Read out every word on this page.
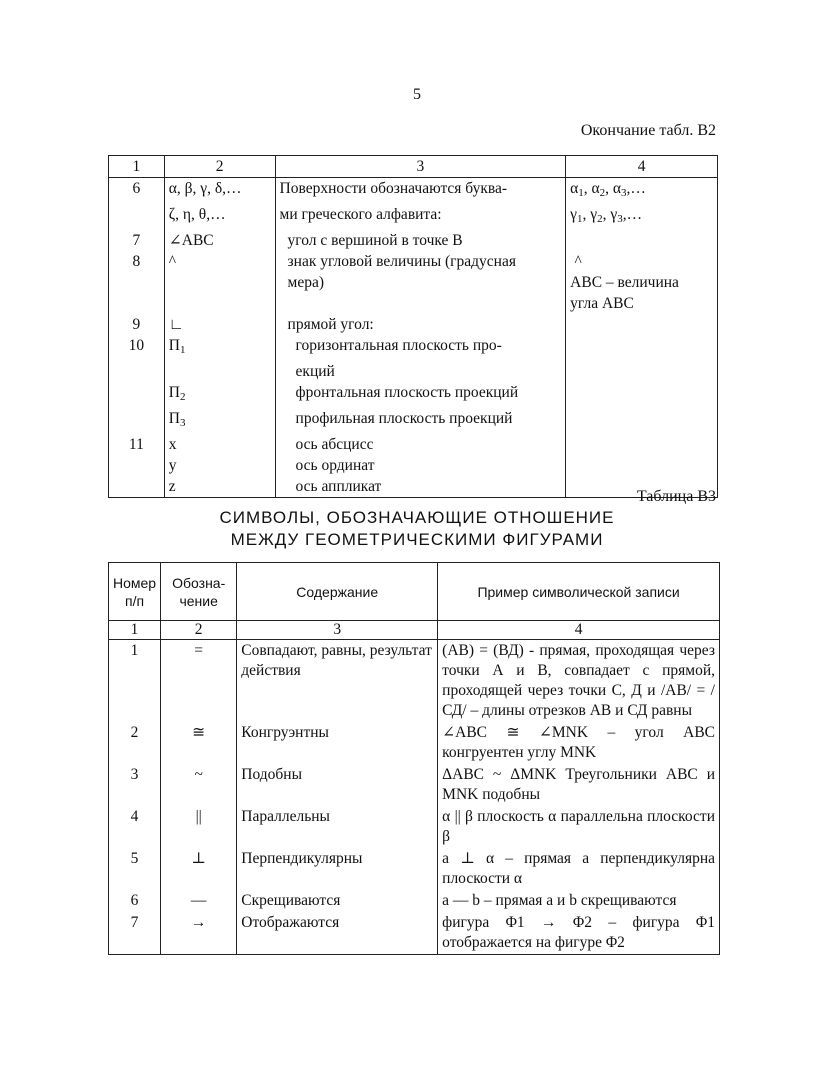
5
Окончание табл. В2
1	2	3	4
6	α, β, γ, δ,…	Поверхности обозначаются буква-	$\alpha_1$, $\alpha_2$, $\alpha_3,\dots$
	ζ, η, θ,…	ми греческого алфавита:	$\gamma_1$, $\gamma_2$, $\gamma_3,\dots$
7	∠ABC	угол с вершиной в точке В	
8	^	знак угловой величины (градусная	^
		мера)	АВС – величина
			угла АВС
9	∟	прямой угол:	
10	$П_1$	горизонтальная плоскость про-	
		екций	
	$П_2$	фронтальная плоскость проекций	
	$П_3$	профильная плоскость проекций	
11	x	ось абсцисс	
	y	ось ординат	
	z	ось аппликат	
Таблица В3
СИМВОЛЫ, ОБОЗНАЧАЮЩИЕ ОТНОШЕНИЕ
МЕЖДУ ГЕОМЕТРИЧЕСКИМИ ФИГУРАМИ
Номер п/п	Обозна-чение	Содержание	Пример символической записи
1	2	3	4
1	=	Совпадают, равны, результат действия	(АВ) = (ВД) - прямая, проходящая через точки А и В, совпадает с прямой, проходящей через точки С, Д и /АВ/ = /СД/ – длины отрезков АВ и СД равны
2	≅	Конгруэнтны	∠ABC ≅ ∠MNK – угол АВС конгруентен углу MNK
3	~	Подобны	ΔABC ~ ΔMNK Треугольники АВС и MNK подобны
4	||	Параллельны	α || β плоскость α параллельна плоскости β
5	⊥	Перпендикулярны	a ⊥ α – прямая а перпендикулярна плоскости α
6	—	Скрещиваются	a — b – прямая а и b скрещиваются
7	→	Отображаются	фигура Φ1 → Φ2 – фигура Φ1 отображается на фигуре Φ2
